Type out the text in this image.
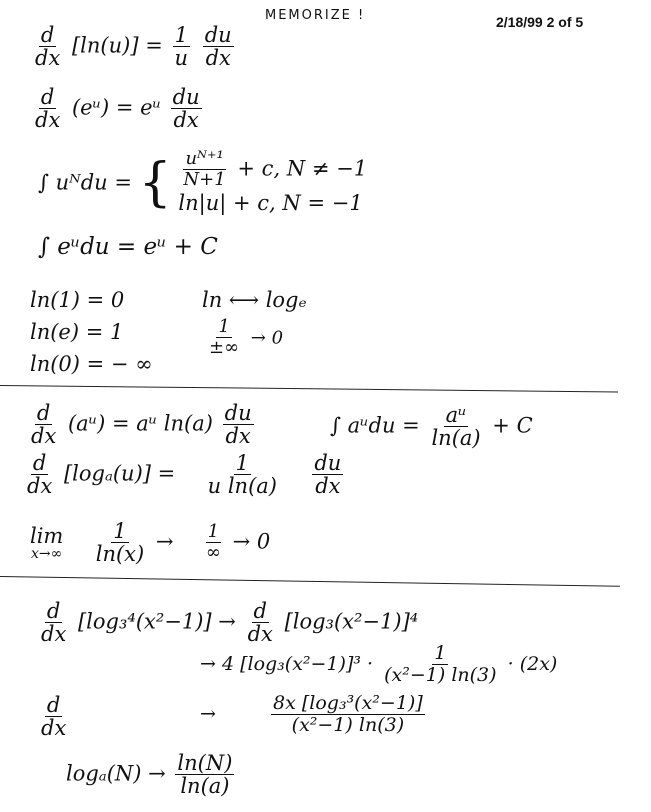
MEMORIZE !	2/18/99 2 of 5
$\frac{d}{dx} [\ln(u)] = \frac{1}{u}$
$\frac{du}{dx}$
$\frac{d}{dx}$ (eᵘ) = eᵘ $\frac{du}{dx}$
∫ uᴺdu = { $\frac{\text{uᴺ⁺¹}}{N+1} + c$, N ≠ −1
ln|u| + c, N = −1
∫ eᵘdu = eᵘ + C
ln(1) = 0
ln(e) = 1
ln(0) = − ∞
ln ⟷ logₑ
$\frac{1}{\pm\infty} \to 0$
$\frac{d}{dx}$ (aᵘ) = aᵘ $\ln(a) \frac{du}{dx}$	∫ aᵘdu = $\frac{\text{aᵘ}}{\ln(a)} + C$
$\frac{d}{dx} [\log_a(u)] = \frac{1}{\text{u ln(a)}}$
$\frac{du}{dx}$
lim
x→∞
$\frac{1}{\ln(x)} \to \frac{1}{\infty} \to 0$
$\frac{d}{dx} [\log_3^4(x^2-1)] \to \frac{d}{dx} [\log_3(x^2-1)]^4$
→ 4 $[\log_3(x^2-1)]^3 \cdot \frac{1}{\text{(x²−1) ln(3)}} \cdot (2x)$
$\frac{d}{dx}$	→	$\frac{\text{8x [log₃³(x²−1)]}}{\text{(x²−1) ln(3)}}$
$\log_a(N) \to \frac{\ln(N)}{\ln(a)}$
